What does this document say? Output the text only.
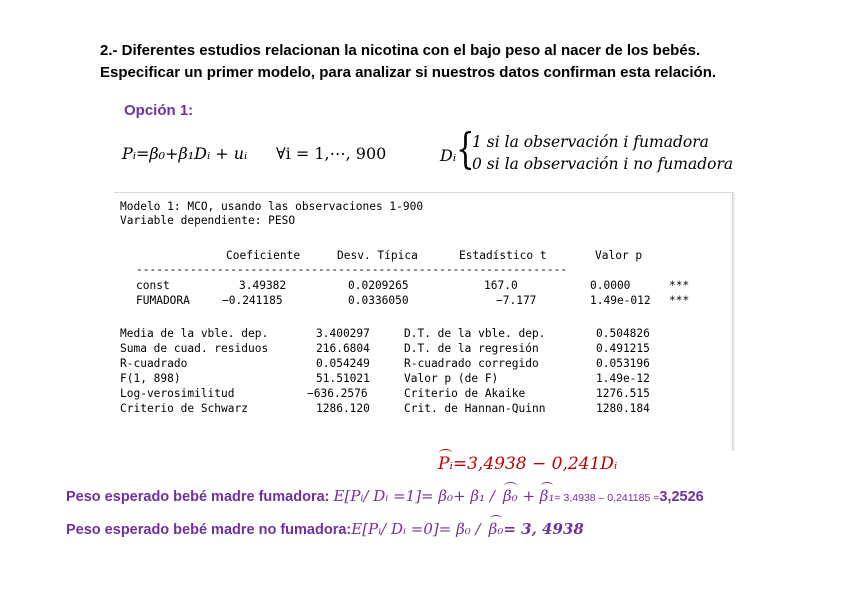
2.- Diferentes estudios relacionan la nicotina con el bajo peso al nacer de los bebés.
Especificar un primer modelo, para analizar si nuestros datos confirman esta relación.
Opción 1:
Pᵢ=β₀+β₁Dᵢ + uᵢ ∀i = 1,⋯, 900	Dᵢ {
1 si la observación i fumadora
0 si la observación i no fumadora
Modelo 1: MCO, usando las observaciones 1-900
Variable dependiente: PESO
Coeficiente	Desv. Típica	Estadístico t	Valor p
----------------------------------------------------------------
const	3.49382	0.0209265	167.0	0.0000	***
FUMADORA	−0.241185	0.0336050	−7.177	1.49e-012 ***
Media de la vble. dep.	3.400297	D.T. de la vble. dep.	0.504826
Suma de cuad. residuos	216.6804	D.T. de la regresión	0.491215
R-cuadrado	0.054249	R-cuadrado corregido	0.053196
F(1, 898)	51.51021	Valor p (de F)	1.49e-12
Log-verosimilitud	−636.2576	Criterio de Akaike	1276.515
Criterio de Schwarz	1286.120	Crit. de Hannan-Quinn	1280.184
Pᵢ=3,4938 − 0,241Dᵢ
Peso esperado bebé madre fumadora: E[Pᵢ/ Dᵢ =1]= β₀+ β₁ / β₀ + β₁= 3,4938 – 0,241185 =3,2526
Peso esperado bebé madre no fumadora:E[Pᵢ/ Dᵢ =0]= β₀ / β₀= 3, 4938
